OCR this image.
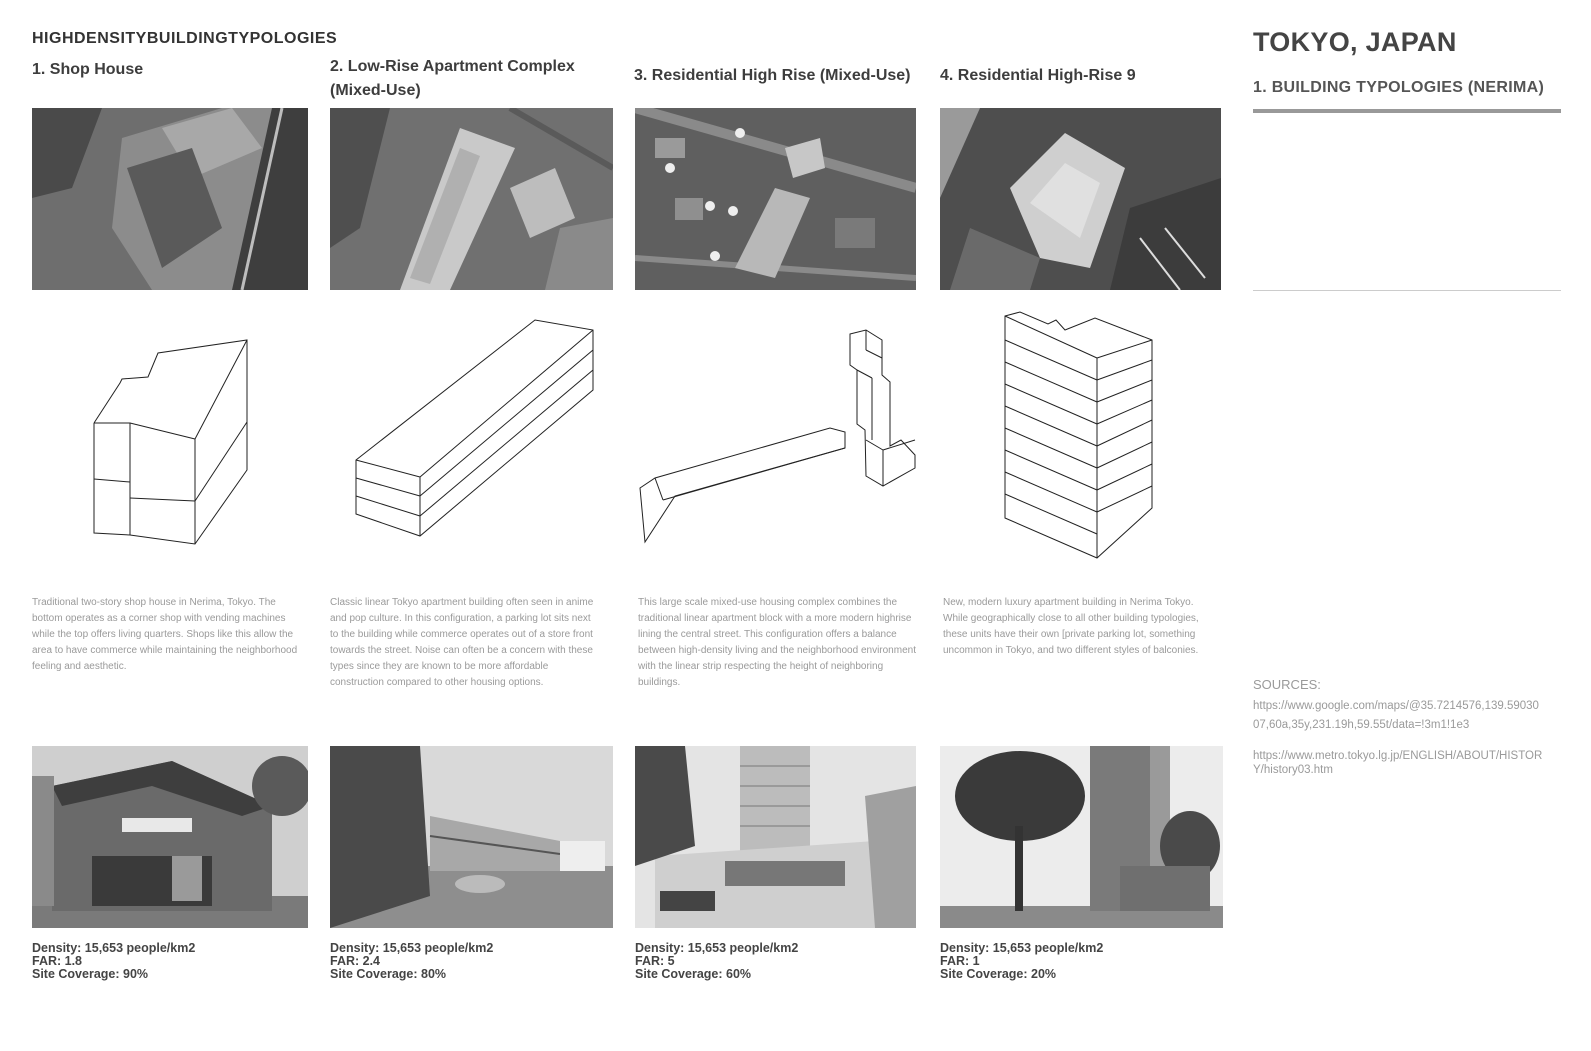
HIGHDENSITYBUILDINGTYPOLOGIES
1. Shop House	2. Low-Rise Apartment Complex (Mixed-Use)
3. Residential High Rise (Mixed-Use)	4. Residential High-Rise 9
Traditional two-story shop house in Nerima, Tokyo. The bottom operates as a corner shop with vending machines while the top offers living quarters. Shops like this allow the area to have commerce while maintaining the neighborhood feeling and aesthetic.
Classic linear Tokyo apartment building often seen in anime and pop culture. In this configuration, a parking lot sits next to the building while commerce operates out of a store front towards the street. Noise can often be a concern with these types since they are known to be more affordable construction compared to other housing options.
This large scale mixed-use housing complex combines the traditional linear apartment block with a more modern highrise lining the central street. This configuration offers a balance between high-density living and the neighborhood environment with the linear strip respecting the height of neighboring buildings.
New, modern luxury apartment building in Nerima Tokyo. While geographically close to all other building typologies, these units have their own [private parking lot, something uncommon in Tokyo, and two different styles of balconies.
Density: 15,653 people/km2
FAR: 1.8
Site Coverage: 90%
Density: 15,653 people/km2
FAR: 2.4
Site Coverage: 80%
Density: 15,653 people/km2
FAR: 5
Site Coverage: 60%
Density: 15,653 people/km2
FAR: 1
Site Coverage: 20%
TOKYO, JAPAN
1. BUILDING TYPOLOGIES (NERIMA)
SOURCES:
https://www.google.com/maps/@35.7214576,139.5903007,60a,35y,231.19h,59.55t/data=!3m1!1e3
https://www.metro.tokyo.lg.jp/ENGLISH/ABOUT/HISTORY/history03.htm
